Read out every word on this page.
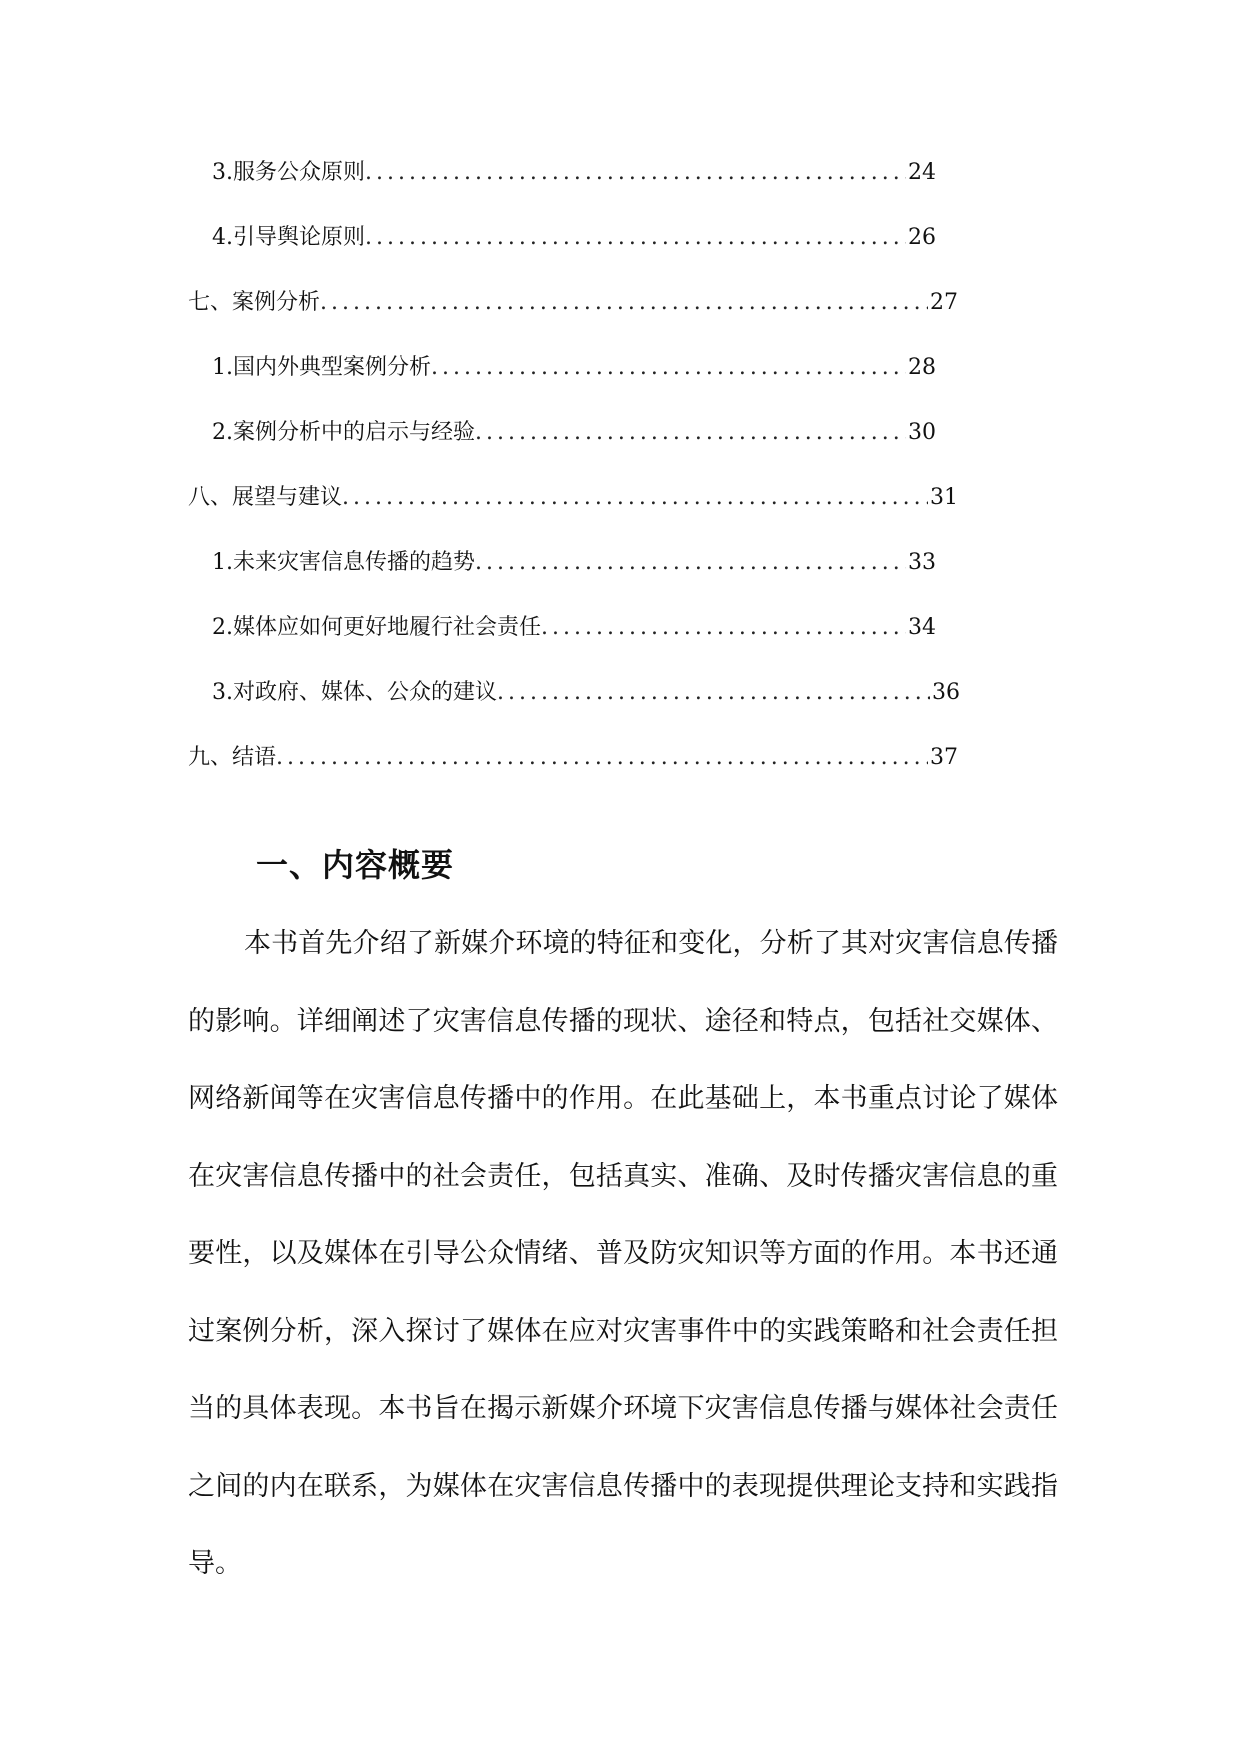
3. 服务公众原则 .....	24
4. 引导舆论原则 .....	26
七、案例分析 .....	27
1. 国内外典型案例分析 .....	28
2. 案例分析中的启示与经验 .....	30
八、展望与建议 .....	31
1. 未来灾害信息传播的趋势 .....	33
2. 媒体应如何更好地履行社会责任 .....	34
3. 对政府、媒体、公众的建议 .....	36
九、结语 .....	37
一、内容概要

本书首先介绍了新媒介环境的特征和变化，分析了其对灾害信息传播的影响。详细阐述了灾害信息传播的现状、途径和特点，包括社交媒体、网络新闻等在灾害信息传播中的作用。在此基础上，本书重点讨论了媒体在灾害信息传播中的社会责任，包括真实、准确、及时传播灾害信息的重要性，以及媒体在引导公众情绪、普及防灾知识等方面的作用。本书还通过案例分析，深入探讨了媒体在应对灾害事件中的实践策略和社会责任担当的具体表现。本书旨在揭示新媒介环境下灾害信息传播与媒体社会责任之间的内在联系，为媒体在灾害信息传播中的表现提供理论支持和实践指导。
